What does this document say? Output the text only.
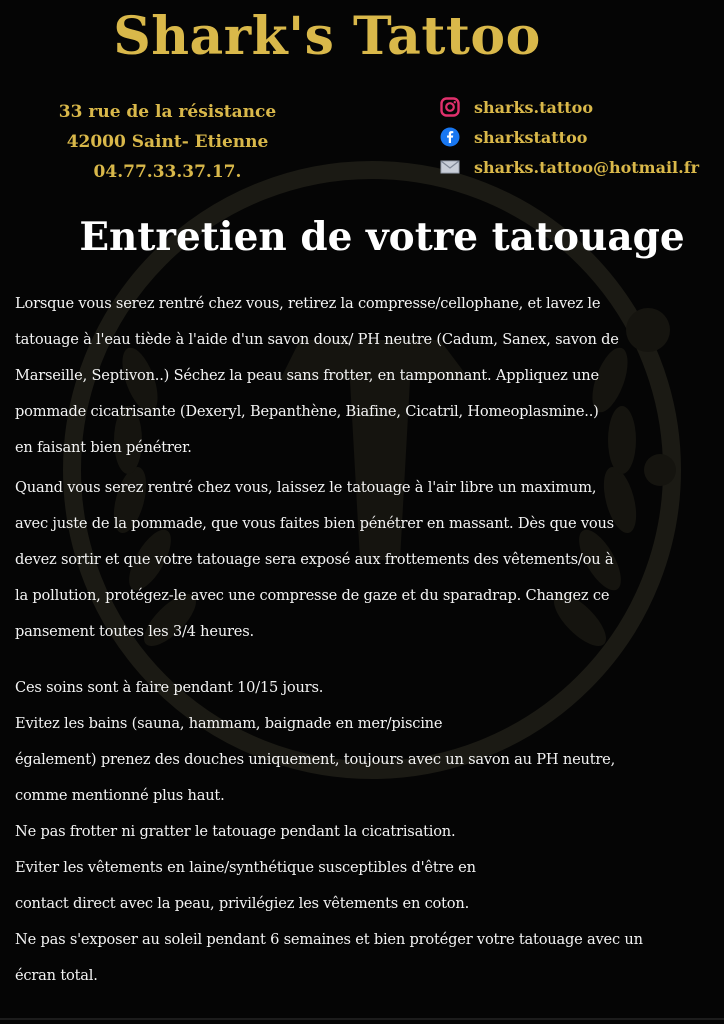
Shark's Tattoo
33 rue de la résistance
42000 Saint- Etienne
04.77.33.37.17.
sharks.tattoo
sharkstattoo
sharks.tattoo@hotmail.fr
Entretien de votre tatouage
Lorsque vous serez rentré chez vous, retirez la compresse/cellophane, et lavez le
tatouage à l'eau tiède à l'aide d'un savon doux/ PH neutre (Cadum, Sanex, savon de
Marseille, Septivon..) Séchez la peau sans frotter, en tamponnant. Appliquez une
pommade cicatrisante (Dexeryl, Bepanthène, Biafine, Cicatril, Homeoplasmine..)
en faisant bien pénétrer.
Quand vous serez rentré chez vous, laissez le tatouage à l'air libre un maximum,
avec juste de la pommade, que vous faites bien pénétrer en massant. Dès que vous
devez sortir et que votre tatouage sera exposé aux frottements des vêtements/ou à
la pollution, protégez-le avec une compresse de gaze et du sparadrap. Changez ce
pansement toutes les 3/4 heures.
Ces soins sont à faire pendant 10/15 jours.
Evitez les bains (sauna, hammam, baignade en mer/piscine
également) prenez des douches uniquement, toujours avec un savon au PH neutre,
comme mentionné plus haut.
Ne pas frotter ni gratter le tatouage pendant la cicatrisation.
Eviter les vêtements en laine/synthétique susceptibles d'être en
contact direct avec la peau, privilégiez les vêtements en coton.
Ne pas s'exposer au soleil pendant 6 semaines et bien protéger votre tatouage avec un
écran total.
